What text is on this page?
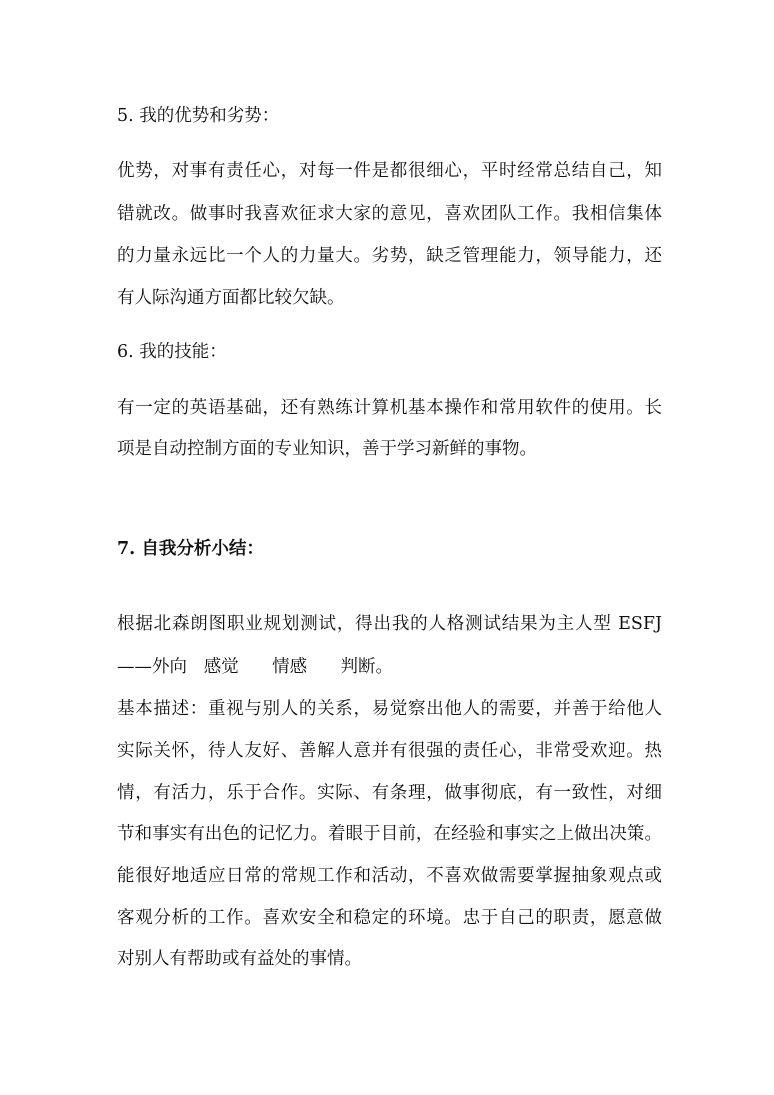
5. 我的优势和劣势：
优势，对事有责任心，对每一件是都很细心，平时经常总结自己，知
错就改。做事时我喜欢征求大家的意见，喜欢团队工作。我相信集体
的力量永远比一个人的力量大。劣势，缺乏管理能力，领导能力，还
有人际沟通方面都比较欠缺。
6. 我的技能：
有一定的英语基础，还有熟练计算机基本操作和常用软件的使用。长
项是自动控制方面的专业知识，善于学习新鲜的事物。
7. 自我分析小结：
根据北森朗图职业规划测试，得出我的人格测试结果为主人型 ESFJ
——外向   感觉      情感      判断。
基本描述：重视与别人的关系，易觉察出他人的需要，并善于给他人
实际关怀，待人友好、善解人意并有很强的责任心，非常受欢迎。热
情，有活力，乐于合作。实际、有条理，做事彻底，有一致性，对细
节和事实有出色的记忆力。着眼于目前，在经验和事实之上做出决策。
能很好地适应日常的常规工作和活动，不喜欢做需要掌握抽象观点或
客观分析的工作。喜欢安全和稳定的环境。忠于自己的职责，愿意做
对别人有帮助或有益处的事情。
